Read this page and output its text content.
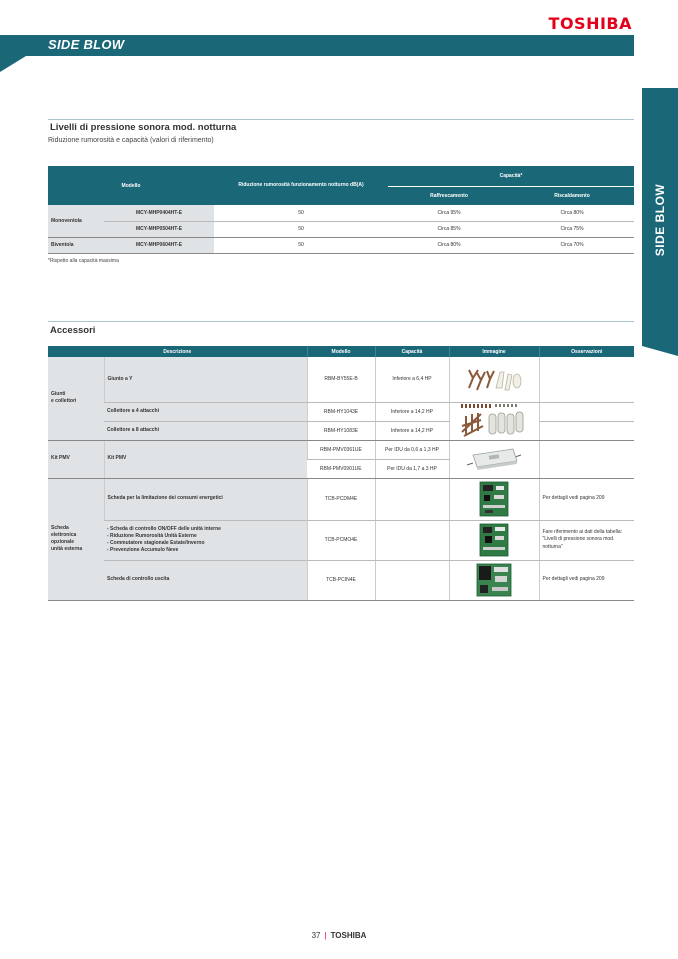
TOSHIBA
SIDE BLOW
SIDE BLOW
Livelli di pressione sonora mod. notturna
Riduzione rumorosità e capacità (valori di riferimento)
Modello		Riduzione rumorosità funzionamento notturno dB(A)	Capacità*	
			Raffrescamento	Riscaldamento
Monoventola	MCY-MHP0404HT-E	50	Circa 95%	Circa 80%
	MCY-MHP0504HT-E	50	Circa 85%	Circa 75%
Biventola	MCY-MHP0604HT-E	50	Circa 80%	Circa 70%
*Rispetto alla capacità massima
Accessori
Descrizione		Modello	Capacità	Immagine	Osservazioni
Giunti
e collettori	Giunto a Y	RBM-BY55E-B	Inferiore a 6,4 HP		
	Collettore a 4 attacchi	RBM-HY1043E	Inferiore a 14,2 HP		
	Collettore a 8 attacchi	RBM-HY1083E	Inferiore a 14,2 HP		
Kit PMV	Kit PMV	RBM-PMV0361UE	Per IDU da 0,6 a 1,3 HP		
		RBM-PMV0901UE	Per IDU da 1,7 a 3 HP		
Scheda
elettronica
opzionale
unità esterna	Scheda per la limitazione dei consumi energetici	TCB-PCDM4E			Per dettagli vedi pagina 209
	- Scheda di controllo ON/OFF delle unità interne
- Riduzione Rumorosità Unità Esterne
- Commutatore stagionale Estate/Inverno
- Prevenzione Accumulo Neve	TCB-PCMO4E			Fare riferimento ai dati della tabella:
"Livelli di pressione sonora mod. notturna"
	Scheda di controllo uscita	TCB-PCIN4E			Per dettagli vedi pagina 209
37 | TOSHIBA
